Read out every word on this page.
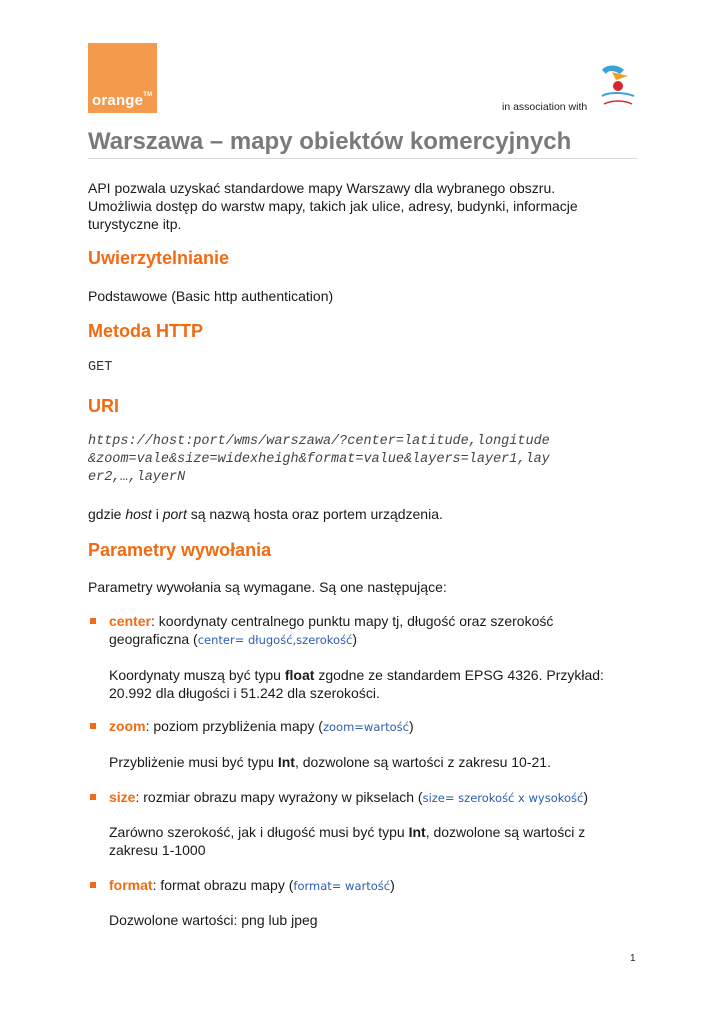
orange™
in association with
Warszawa – mapy obiektów komercyjnych

API pozwala uzyskać standardowe mapy Warszawy dla wybranego obszru.

Umożliwia dostęp do warstw mapy, takich jak ulice, adresy, budynki, informacje

turystyczne itp.

Uwierzytelnianie

Podstawowe (Basic http authentication)

Metoda HTTP

GET

URI
https://host:port/wms/warszawa/?center=latitude,longitude
&zoom=vale&size=widexheigh&format=value&layers=layer1,lay
er2,…,layerN

gdzie host i port są nazwą hosta oraz portem urządzenia.

Parametry wywołania

Parametry wywołania są wymagane. Są one następujące:

center: koordynaty centralnego punktu mapy tj, długość oraz szerokość

geograficzna (center= długość,szerokość)

Koordynaty muszą być typu float zgodne ze standardem EPSG 4326. Przykład:

20.992 dla długości i 51.242 dla szerokości.

zoom: poziom przybliżenia mapy (zoom=wartość)

Przybliżenie musi być typu Int, dozwolone są wartości z zakresu 10-21.

size: rozmiar obrazu mapy wyrażony w pikselach (size= szerokość x wysokość)

Zarówno szerokość, jak i długość musi być typu Int, dozwolone są wartości z

zakresu 1-1000

format: format obrazu mapy (format= wartość)

Dozwolone wartości: png lub jpeg

1
